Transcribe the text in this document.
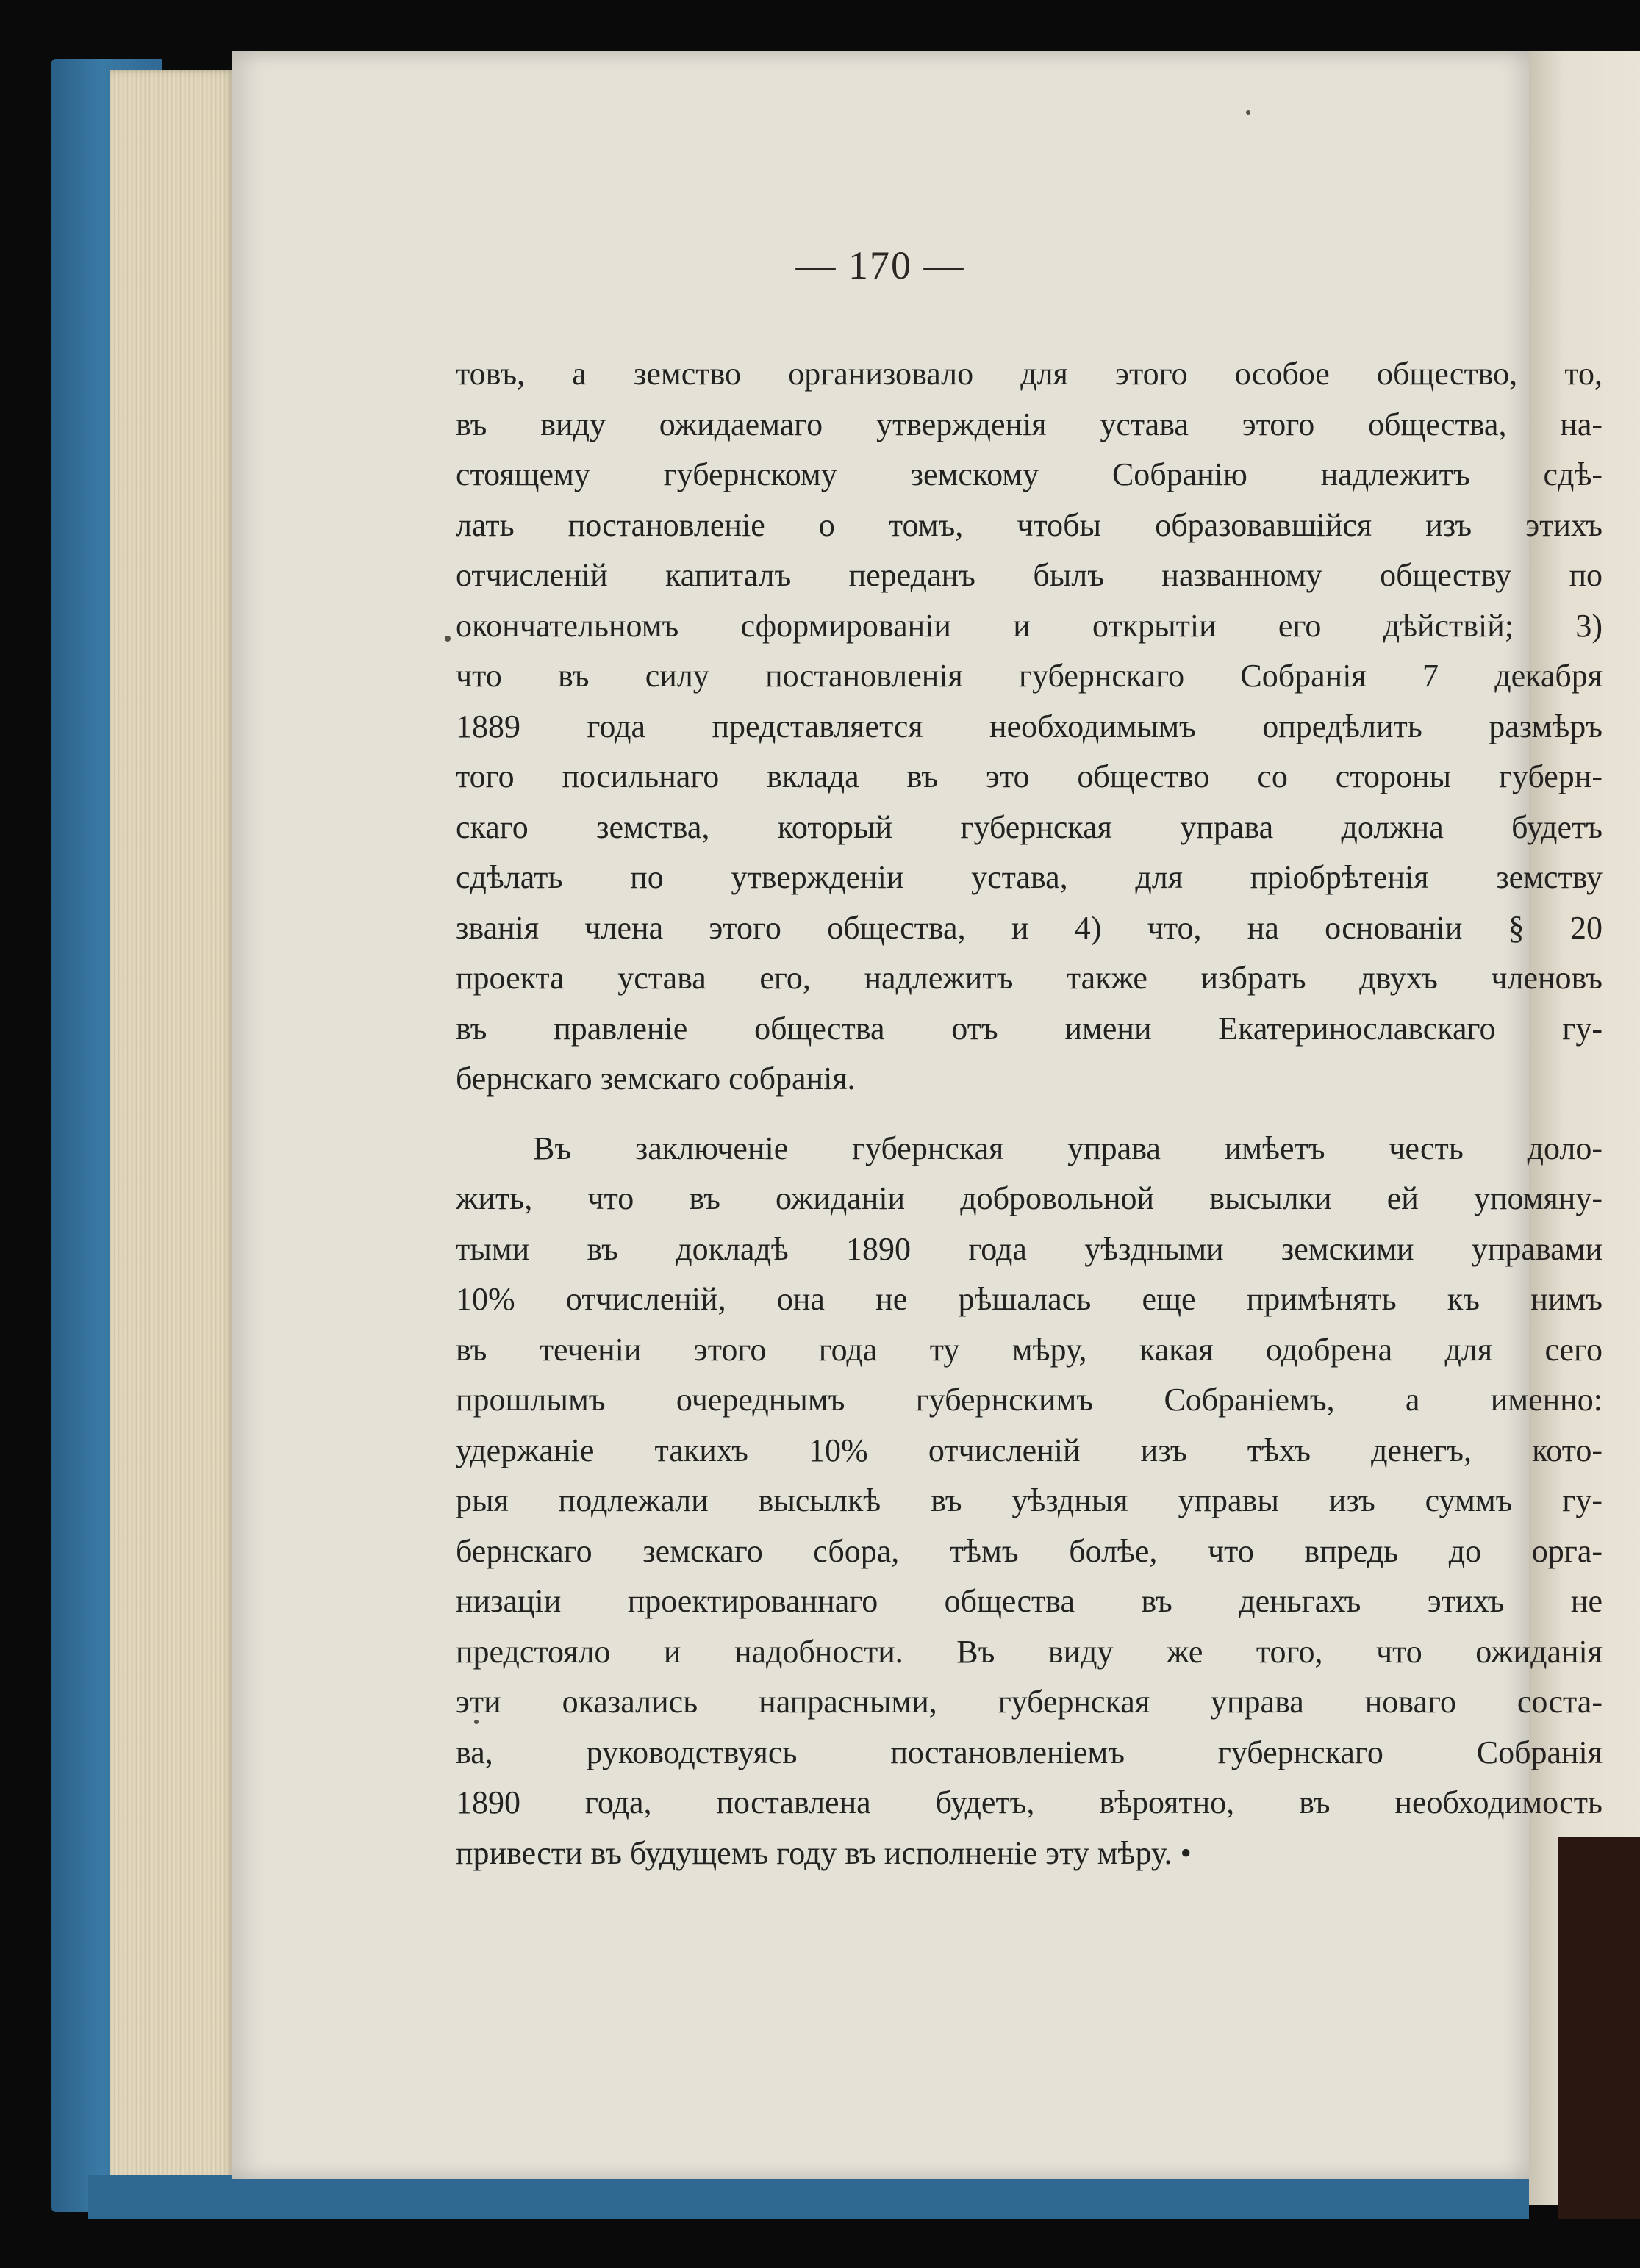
— 170 —
товъ, а земство организовало для этого особое общество, то,
въ виду ожидаемаго утвержденія устава этого общества, на-
стоящему губернскому земскому Собранію надлежитъ сдѣ-
лать постановленіе о томъ, чтобы образовавшійся изъ этихъ
отчисленій капиталъ переданъ былъ названному обществу по
окончательномъ сформированіи и открытіи его дѣйствій; 3)
что въ силу постановленія губернскаго Собранія 7 декабря
1889 года представляется необходимымъ опредѣлить размѣръ
того посильнаго вклада въ это общество со стороны губерн-
скаго земства, который губернская управа должна будетъ
сдѣлать по утвержденіи устава, для пріобрѣтенія земству
званія члена этого общества, и 4) что, на основаніи § 20
проекта устава его, надлежитъ также избрать двухъ членовъ
въ правленіе общества отъ имени Екатеринославскаго гу-
бернскаго земскаго собранія.
Въ заключеніе губернская управа имѣетъ честь доло-
жить, что въ ожиданіи добровольной высылки ей упомяну-
тыми въ докладѣ 1890 года уѣздными земскими управами
10% отчисленій, она не рѣшалась еще примѣнять къ нимъ
въ теченіи этого года ту мѣру, какая одобрена для сего
прошлымъ очереднымъ губернскимъ Собраніемъ, а именно:
удержаніе такихъ 10% отчисленій изъ тѣхъ денегъ, кото-
рыя подлежали высылкѣ въ уѣздныя управы изъ суммъ гу-
бернскаго земскаго сбора, тѣмъ болѣе, что впредь до орга-
низаціи проектированнаго общества въ деньгахъ этихъ не
предстояло и надобности. Въ виду же того, что ожиданія
эти оказались напрасными, губернская управа новаго соста-
ва, руководствуясь постановленіемъ губернскаго Собранія
1890 года, поставлена будетъ, вѣроятно, въ необходимость
привести въ будущемъ году въ исполненіе эту мѣру. •
